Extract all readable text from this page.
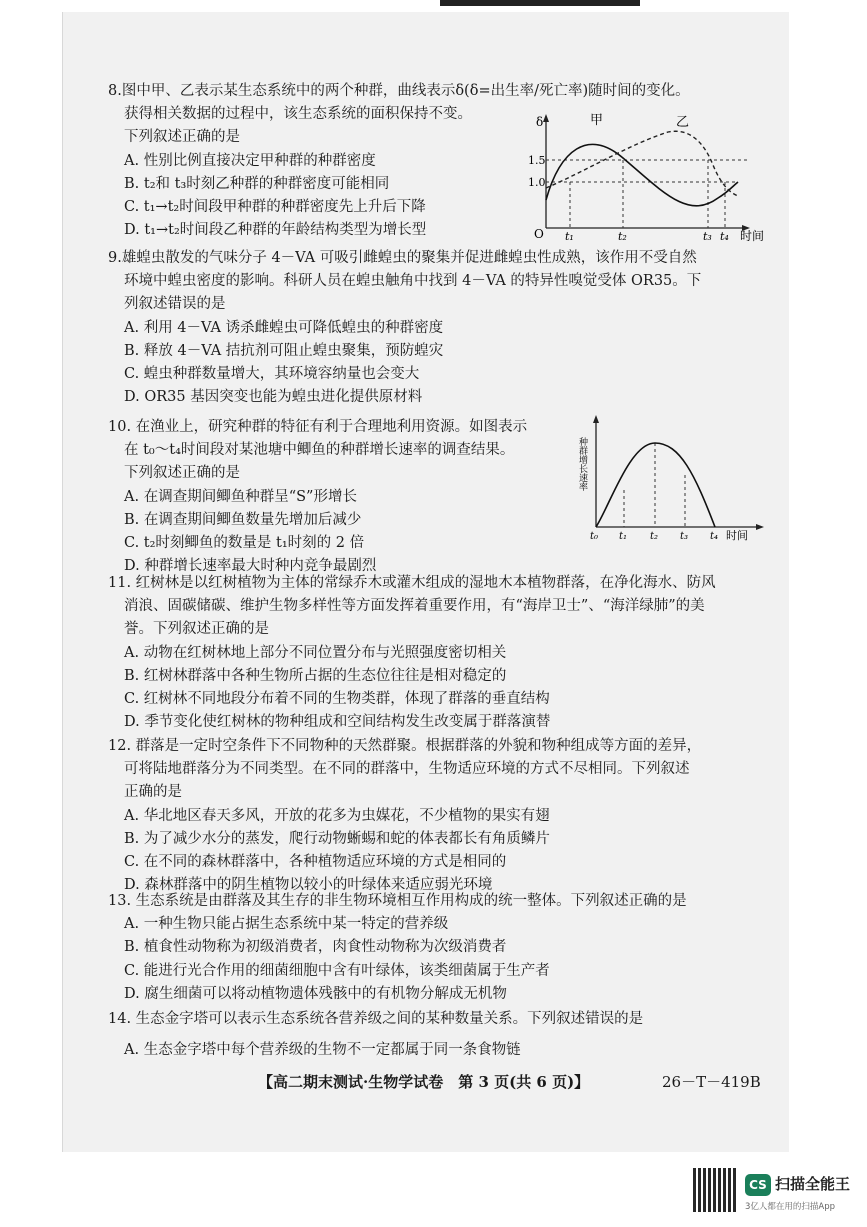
8.图中甲、乙表示某生态系统中的两个种群，曲线表示δ(δ=出生率/死亡率)随时间的变化。
获得相关数据的过程中，该生态系统的面积保持不变。
下列叙述正确的是
A. 性别比例直接决定甲种群的种群密度
B. t₂和 t₃时刻乙种群的种群密度可能相同
C. t₁→t₂时间段甲种群的种群密度先上升后下降
D. t₁→t₂时间段乙种群的年龄结构类型为增长型
δ
O	时间
1.5
1.0
t₁	t₂	t₃ t₄
甲	乙
9.雄蝗虫散发的气味分子 4－VA 可吸引雌蝗虫的聚集并促进雌蝗虫性成熟，该作用不受自然
环境中蝗虫密度的影响。科研人员在蝗虫触角中找到 4－VA 的特异性嗅觉受体 OR35。下
列叙述错误的是
A. 利用 4－VA 诱杀雌蝗虫可降低蝗虫的种群密度
B. 释放 4－VA 拮抗剂可阻止蝗虫聚集，预防蝗灾
C. 蝗虫种群数量增大，其环境容纳量也会变大
D. OR35 基因突变也能为蝗虫进化提供原材料
10. 在渔业上，研究种群的特征有利于合理地利用资源。如图表示
在 t₀～t₄时间段对某池塘中鲫鱼的种群增长速率的调查结果。
下列叙述正确的是
A. 在调查期间鲫鱼种群呈“S”形增长
B. 在调查期间鲫鱼数量先增加后减少
C. t₂时刻鲫鱼的数量是 t₁时刻的 2 倍
D. 种群增长速率最大时种内竞争最剧烈
种群增长速率
t₀ t₁ t₂ t₃ t₄ 时间
11. 红树林是以红树植物为主体的常绿乔木或灌木组成的湿地木本植物群落，在净化海水、防风
消浪、固碳储碳、维护生物多样性等方面发挥着重要作用，有“海岸卫士”、“海洋绿肺”的美
誉。下列叙述正确的是
A. 动物在红树林地上部分不同位置分布与光照强度密切相关
B. 红树林群落中各种生物所占据的生态位往往是相对稳定的
C. 红树林不同地段分布着不同的生物类群，体现了群落的垂直结构
D. 季节变化使红树林的物种组成和空间结构发生改变属于群落演替
12. 群落是一定时空条件下不同物种的天然群聚。根据群落的外貌和物种组成等方面的差异，
可将陆地群落分为不同类型。在不同的群落中，生物适应环境的方式不尽相同。下列叙述
正确的是
A. 华北地区春天多风，开放的花多为虫媒花，不少植物的果实有翅
B. 为了减少水分的蒸发，爬行动物蜥蜴和蛇的体表都长有角质鳞片
C. 在不同的森林群落中，各种植物适应环境的方式是相同的
D. 森林群落中的阴生植物以较小的叶绿体来适应弱光环境
13. 生态系统是由群落及其生存的非生物环境相互作用构成的统一整体。下列叙述正确的是
A. 一种生物只能占据生态系统中某一特定的营养级
B. 植食性动物称为初级消费者，肉食性动物称为次级消费者
C. 能进行光合作用的细菌细胞中含有叶绿体，该类细菌属于生产者
D. 腐生细菌可以将动植物遗体残骸中的有机物分解成无机物
14. 生态金字塔可以表示生态系统各营养级之间的某种数量关系。下列叙述错误的是
A. 生态金字塔中每个营养级的生物不一定都属于同一条食物链
【高二期末测试·生物学试卷　第 3 页(共 6 页)】	26－T－419B
CS 扫描全能王
3亿人都在用的扫描App
